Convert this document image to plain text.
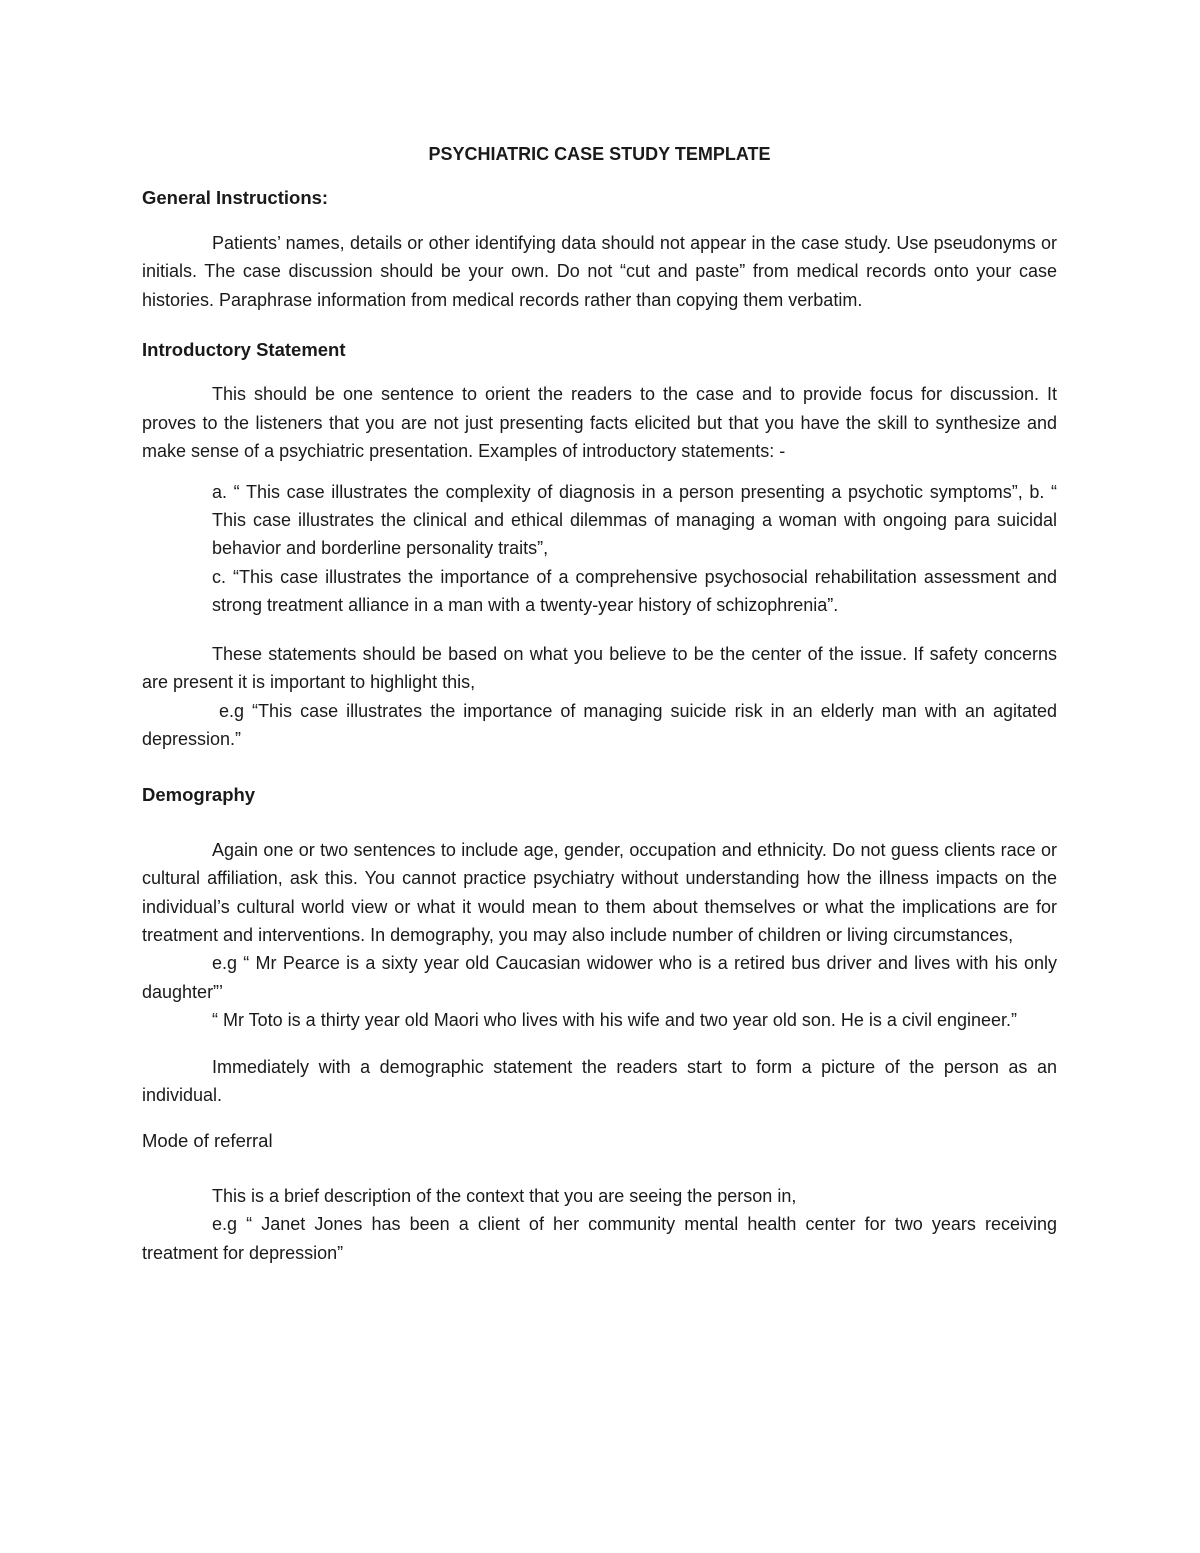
PSYCHIATRIC CASE STUDY TEMPLATE
General Instructions:
Patients’ names, details or other identifying data should not appear in the case study. Use pseudonyms or initials. The case discussion should be your own. Do not “cut and paste” from medical records onto your case histories. Paraphrase information from medical records rather than copying them verbatim.
Introductory Statement
This should be one sentence to orient the readers to the case and to provide focus for discussion. It proves to the listeners that you are not just presenting facts elicited but that you have the skill to synthesize and make sense of a psychiatric presentation. Examples of introductory statements: -
a. “ This case illustrates the complexity of diagnosis in a person presenting a psychotic symptoms”, b. “ This case illustrates the clinical and ethical dilemmas of managing a woman with ongoing para suicidal behavior and borderline personality traits”,
c. “This case illustrates the importance of a comprehensive psychosocial rehabilitation assessment and strong treatment alliance in a man with a twenty-year history of schizophrenia”.
These statements should be based on what you believe to be the center of the issue. If safety concerns are present it is important to highlight this,
e.g “This case illustrates the importance of managing suicide risk in an elderly man with an agitated depression.”
Demography
Again one or two sentences to include age, gender, occupation and ethnicity. Do not guess clients race or cultural affiliation, ask this. You cannot practice psychiatry without understanding how the illness impacts on the individual’s cultural world view or what it would mean to them about themselves or what the implications are for treatment and interventions. In demography, you may also include number of children or living circumstances,
e.g “ Mr Pearce is a sixty year old Caucasian widower who is a retired bus driver and lives with his only daughter”’
“ Mr Toto is a thirty year old Maori who lives with his wife and two year old son. He is a civil engineer.”
Immediately with a demographic statement the readers start to form a picture of the person as an individual.
Mode of referral
This is a brief description of the context that you are seeing the person in,
e.g “ Janet Jones has been a client of her community mental health center for two years receiving treatment for depression”
